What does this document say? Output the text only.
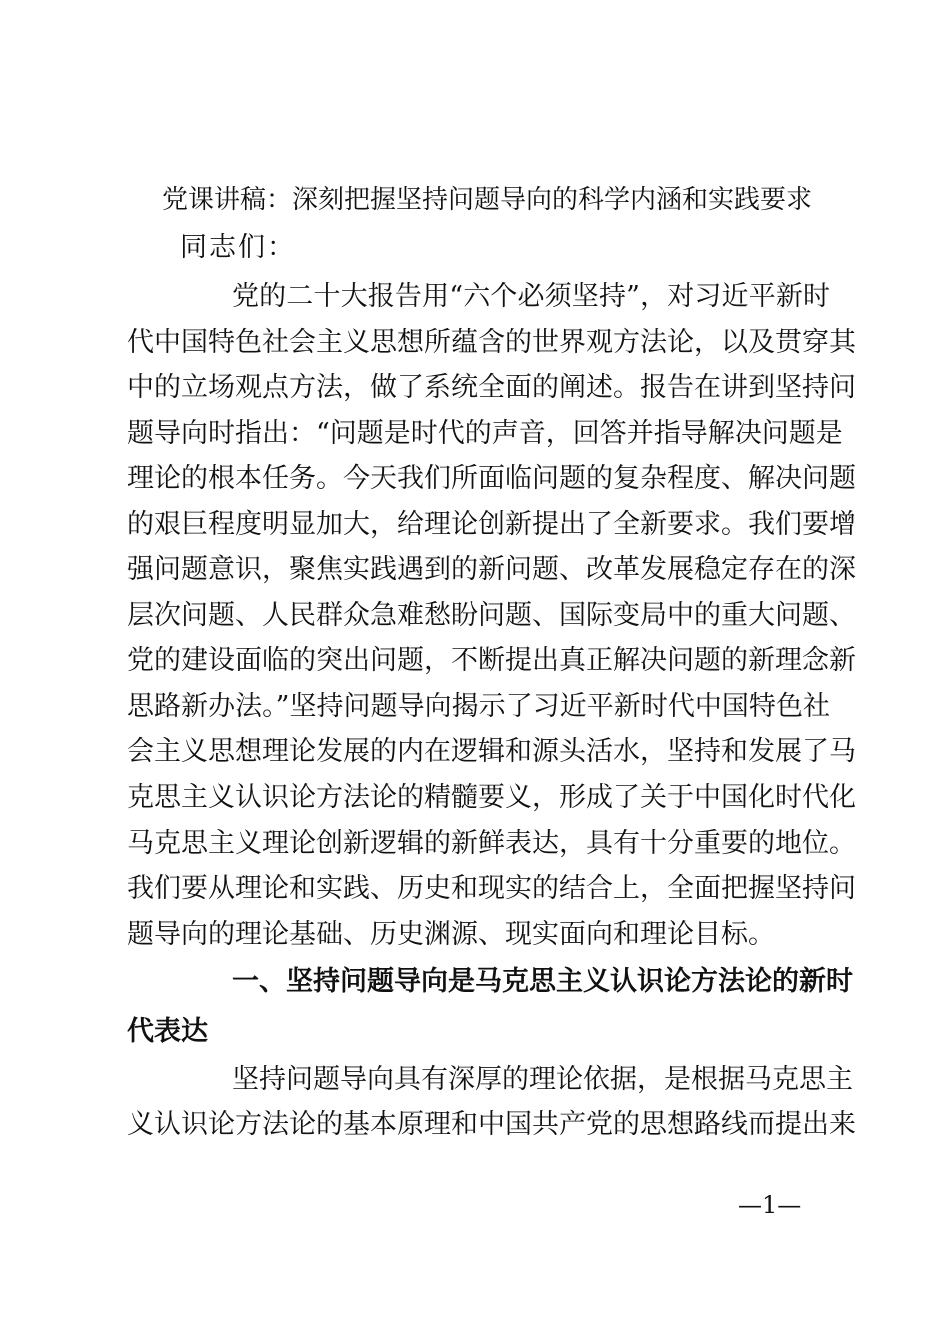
党课讲稿：深刻把握坚持问题导向的科学内涵和实践要求
同志们：
党的二十大报告用“六个必须坚持”，对习近平新时
代中国特色社会主义思想所蕴含的世界观方法论，以及贯穿其
中的立场观点方法，做了系统全面的阐述。报告在讲到坚持问
题导向时指出：“问题是时代的声音，回答并指导解决问题是
理论的根本任务。今天我们所面临问题的复杂程度、解决问题
的艰巨程度明显加大，给理论创新提出了全新要求。我们要增
强问题意识，聚焦实践遇到的新问题、改革发展稳定存在的深
层次问题、人民群众急难愁盼问题、国际变局中的重大问题、
党的建设面临的突出问题，不断提出真正解决问题的新理念新
思路新办法。”坚持问题导向揭示了习近平新时代中国特色社
会主义思想理论发展的内在逻辑和源头活水，坚持和发展了马
克思主义认识论方法论的精髓要义，形成了关于中国化时代化
马克思主义理论创新逻辑的新鲜表达，具有十分重要的地位。
我们要从理论和实践、历史和现实的结合上，全面把握坚持问
题导向的理论基础、历史渊源、现实面向和理论目标。
一、坚持问题导向是马克思主义认识论方法论的新时
代表达
坚持问题导向具有深厚的理论依据，是根据马克思主
义认识论方法论的基本原理和中国共产党的思想路线而提出来
—1—
